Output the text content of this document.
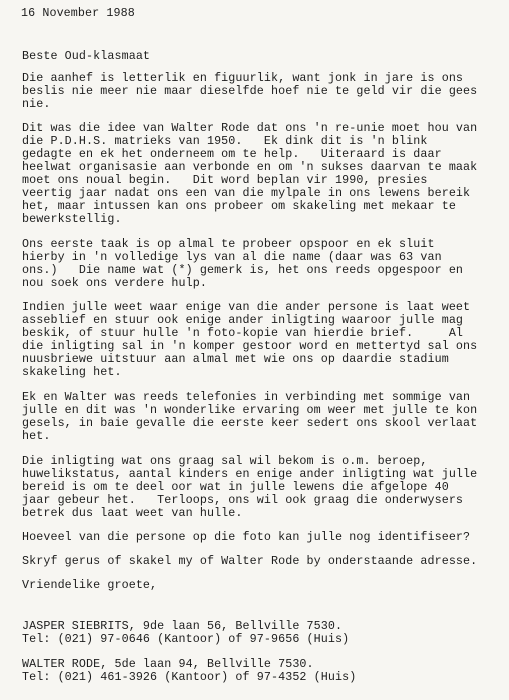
16 November 1988
Beste Oud-klasmaat
Die aanhef is letterlik en figuurlik, want jonk in jare is ons
beslis nie meer nie maar dieselfde hoef nie te geld vir die gees
nie.
Dit was die idee van Walter Rode dat ons 'n re-unie moet hou van
die P.D.H.S. matrieks van 1950.   Ek dink dit is 'n blink
gedagte en ek het onderneem om te help.   Uiteraard is daar
heelwat organisasie aan verbonde en om 'n sukses daarvan te maak
moet ons noual begin.   Dit word beplan vir 1990, presies
veertig jaar nadat ons een van die mylpale in ons lewens bereik
het, maar intussen kan ons probeer om skakeling met mekaar te
bewerkstellig.
Ons eerste taak is op almal te probeer opspoor en ek sluit
hierby in 'n volledige lys van al die name (daar was 63 van
ons.)   Die name wat (*) gemerk is, het ons reeds opgespoor en
nou soek ons verdere hulp.
Indien julle weet waar enige van die ander persone is laat weet
asseblief en stuur ook enige ander inligting waaroor julle mag
beskik, of stuur hulle 'n foto-kopie van hierdie brief.     Al
die inligting sal in 'n komper gestoor word en mettertyd sal ons
nuusbriewe uitstuur aan almal met wie ons op daardie stadium
skakeling het.
Ek en Walter was reeds telefonies in verbinding met sommige van
julle en dit was 'n wonderlike ervaring om weer met julle te kon
gesels, in baie gevalle die eerste keer sedert ons skool verlaat
het.
Die inligting wat ons graag sal wil bekom is o.m. beroep,
huwelikstatus, aantal kinders en enige ander inligting wat julle
bereid is om te deel oor wat in julle lewens die afgelope 40
jaar gebeur het.   Terloops, ons wil ook graag die onderwysers
betrek dus laat weet van hulle.
Hoeveel van die persone op die foto kan julle nog identifiseer?
Skryf gerus of skakel my of Walter Rode by onderstaande adresse.
Vriendelike groete,
JASPER SIEBRITS, 9de laan 56, Bellville 7530.
Tel: (021) 97-0646 (Kantoor) of 97-9656 (Huis)
WALTER RODE, 5de laan 94, Bellville 7530.
Tel: (021) 461-3926 (Kantoor) of 97-4352 (Huis)
